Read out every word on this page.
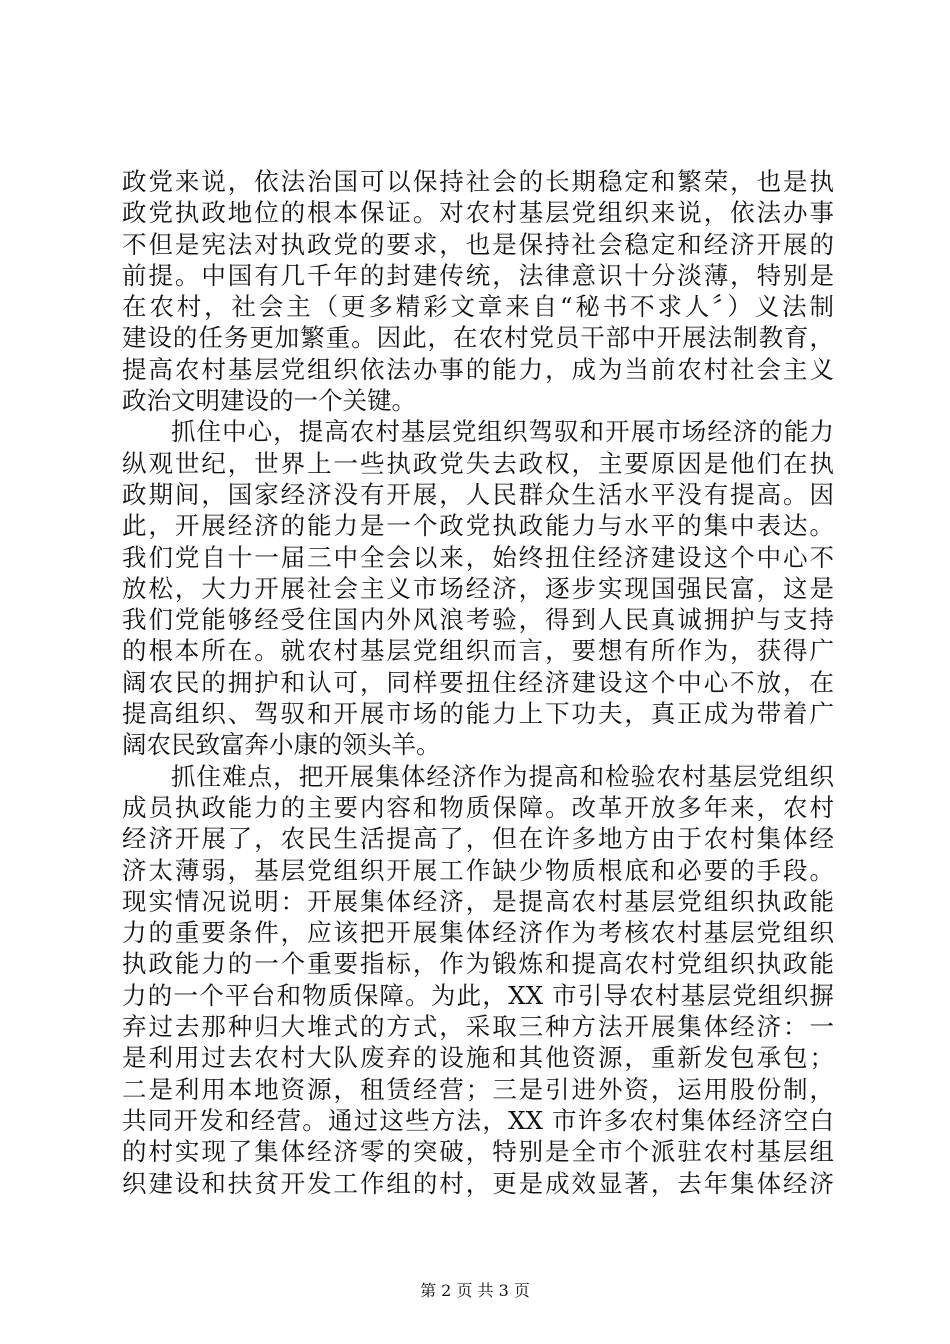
政党来说，依法治国可以保持社会的长期稳定和繁荣，也是执
政党执政地位的根本保证。对农村基层党组织来说，依法办事
不但是宪法对执政党的要求，也是保持社会稳定和经济开展的
前提。中国有几千年的封建传统，法律意识十分淡薄，特别是
在农村，社会主（更多精彩文章来自“秘书不求人〞）义法制
建设的任务更加繁重。因此，在农村党员干部中开展法制教育，
提高农村基层党组织依法办事的能力，成为当前农村社会主义
政治文明建设的一个关键。
抓住中心，提高农村基层党组织驾驭和开展市场经济的能力
纵观世纪，世界上一些执政党失去政权，主要原因是他们在执
政期间，国家经济没有开展，人民群众生活水平没有提高。因
此，开展经济的能力是一个政党执政能力与水平的集中表达。
我们党自十一届三中全会以来，始终扭住经济建设这个中心不
放松，大力开展社会主义市场经济，逐步实现国强民富，这是
我们党能够经受住国内外风浪考验，得到人民真诚拥护与支持
的根本所在。就农村基层党组织而言，要想有所作为，获得广
阔农民的拥护和认可，同样要扭住经济建设这个中心不放，在
提高组织、驾驭和开展市场的能力上下功夫，真正成为带着广
阔农民致富奔小康的领头羊。
抓住难点，把开展集体经济作为提高和检验农村基层党组织
成员执政能力的主要内容和物质保障。改革开放多年来，农村
经济开展了，农民生活提高了，但在许多地方由于农村集体经
济太薄弱，基层党组织开展工作缺少物质根底和必要的手段。
现实情况说明：开展集体经济，是提高农村基层党组织执政能
力的重要条件，应该把开展集体经济作为考核农村基层党组织
执政能力的一个重要指标，作为锻炼和提高农村党组织执政能
力的一个平台和物质保障。为此，XX 市引导农村基层党组织摒
弃过去那种归大堆式的方式，采取三种方法开展集体经济：一
是利用过去农村大队废弃的设施和其他资源，重新发包承包；
二是利用本地资源，租赁经营；三是引进外资，运用股份制，
共同开发和经营。通过这些方法，XX 市许多农村集体经济空白
的村实现了集体经济零的突破，特别是全市个派驻农村基层组
织建设和扶贫开发工作组的村，更是成效显著，去年集体经济
第 2 页 共 3 页
